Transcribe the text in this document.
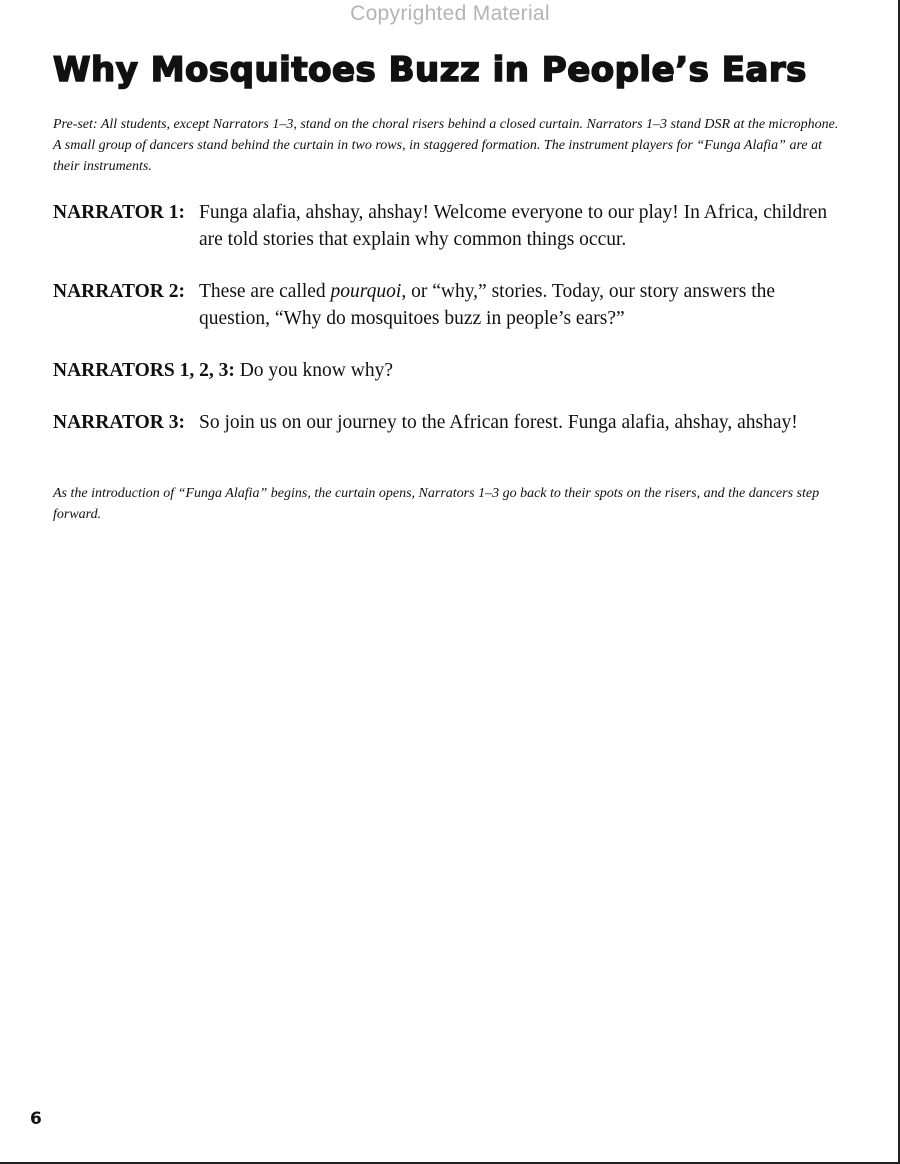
Copyrighted Material
Why Mosquitoes Buzz in People’s Ears

Pre-set: All students, except Narrators 1–3, stand on the choral risers behind a closed curtain. Narrators 1–3 stand DSR at the microphone. A small group of dancers stand behind the curtain in two rows, in staggered formation. The instrument players for “Funga Alafia” are at their instruments.

NARRATOR 1: Funga alafia, ahshay, ahshay! Welcome everyone to our play! In Africa, children are told stories that explain why common things occur.
NARRATOR 2: These are called pourquoi, or “why,” stories. Today, our story answers the question, “Why do mosquitoes buzz in people’s ears?”
NARRATORS 1, 2, 3: Do you know why?
NARRATOR 3: So join us on our journey to the African forest. Funga alafia, ahshay, ahshay!

As the introduction of “Funga Alafia” begins, the curtain opens, Narrators 1–3 go back to their spots on the risers, and the dancers step forward.

6
